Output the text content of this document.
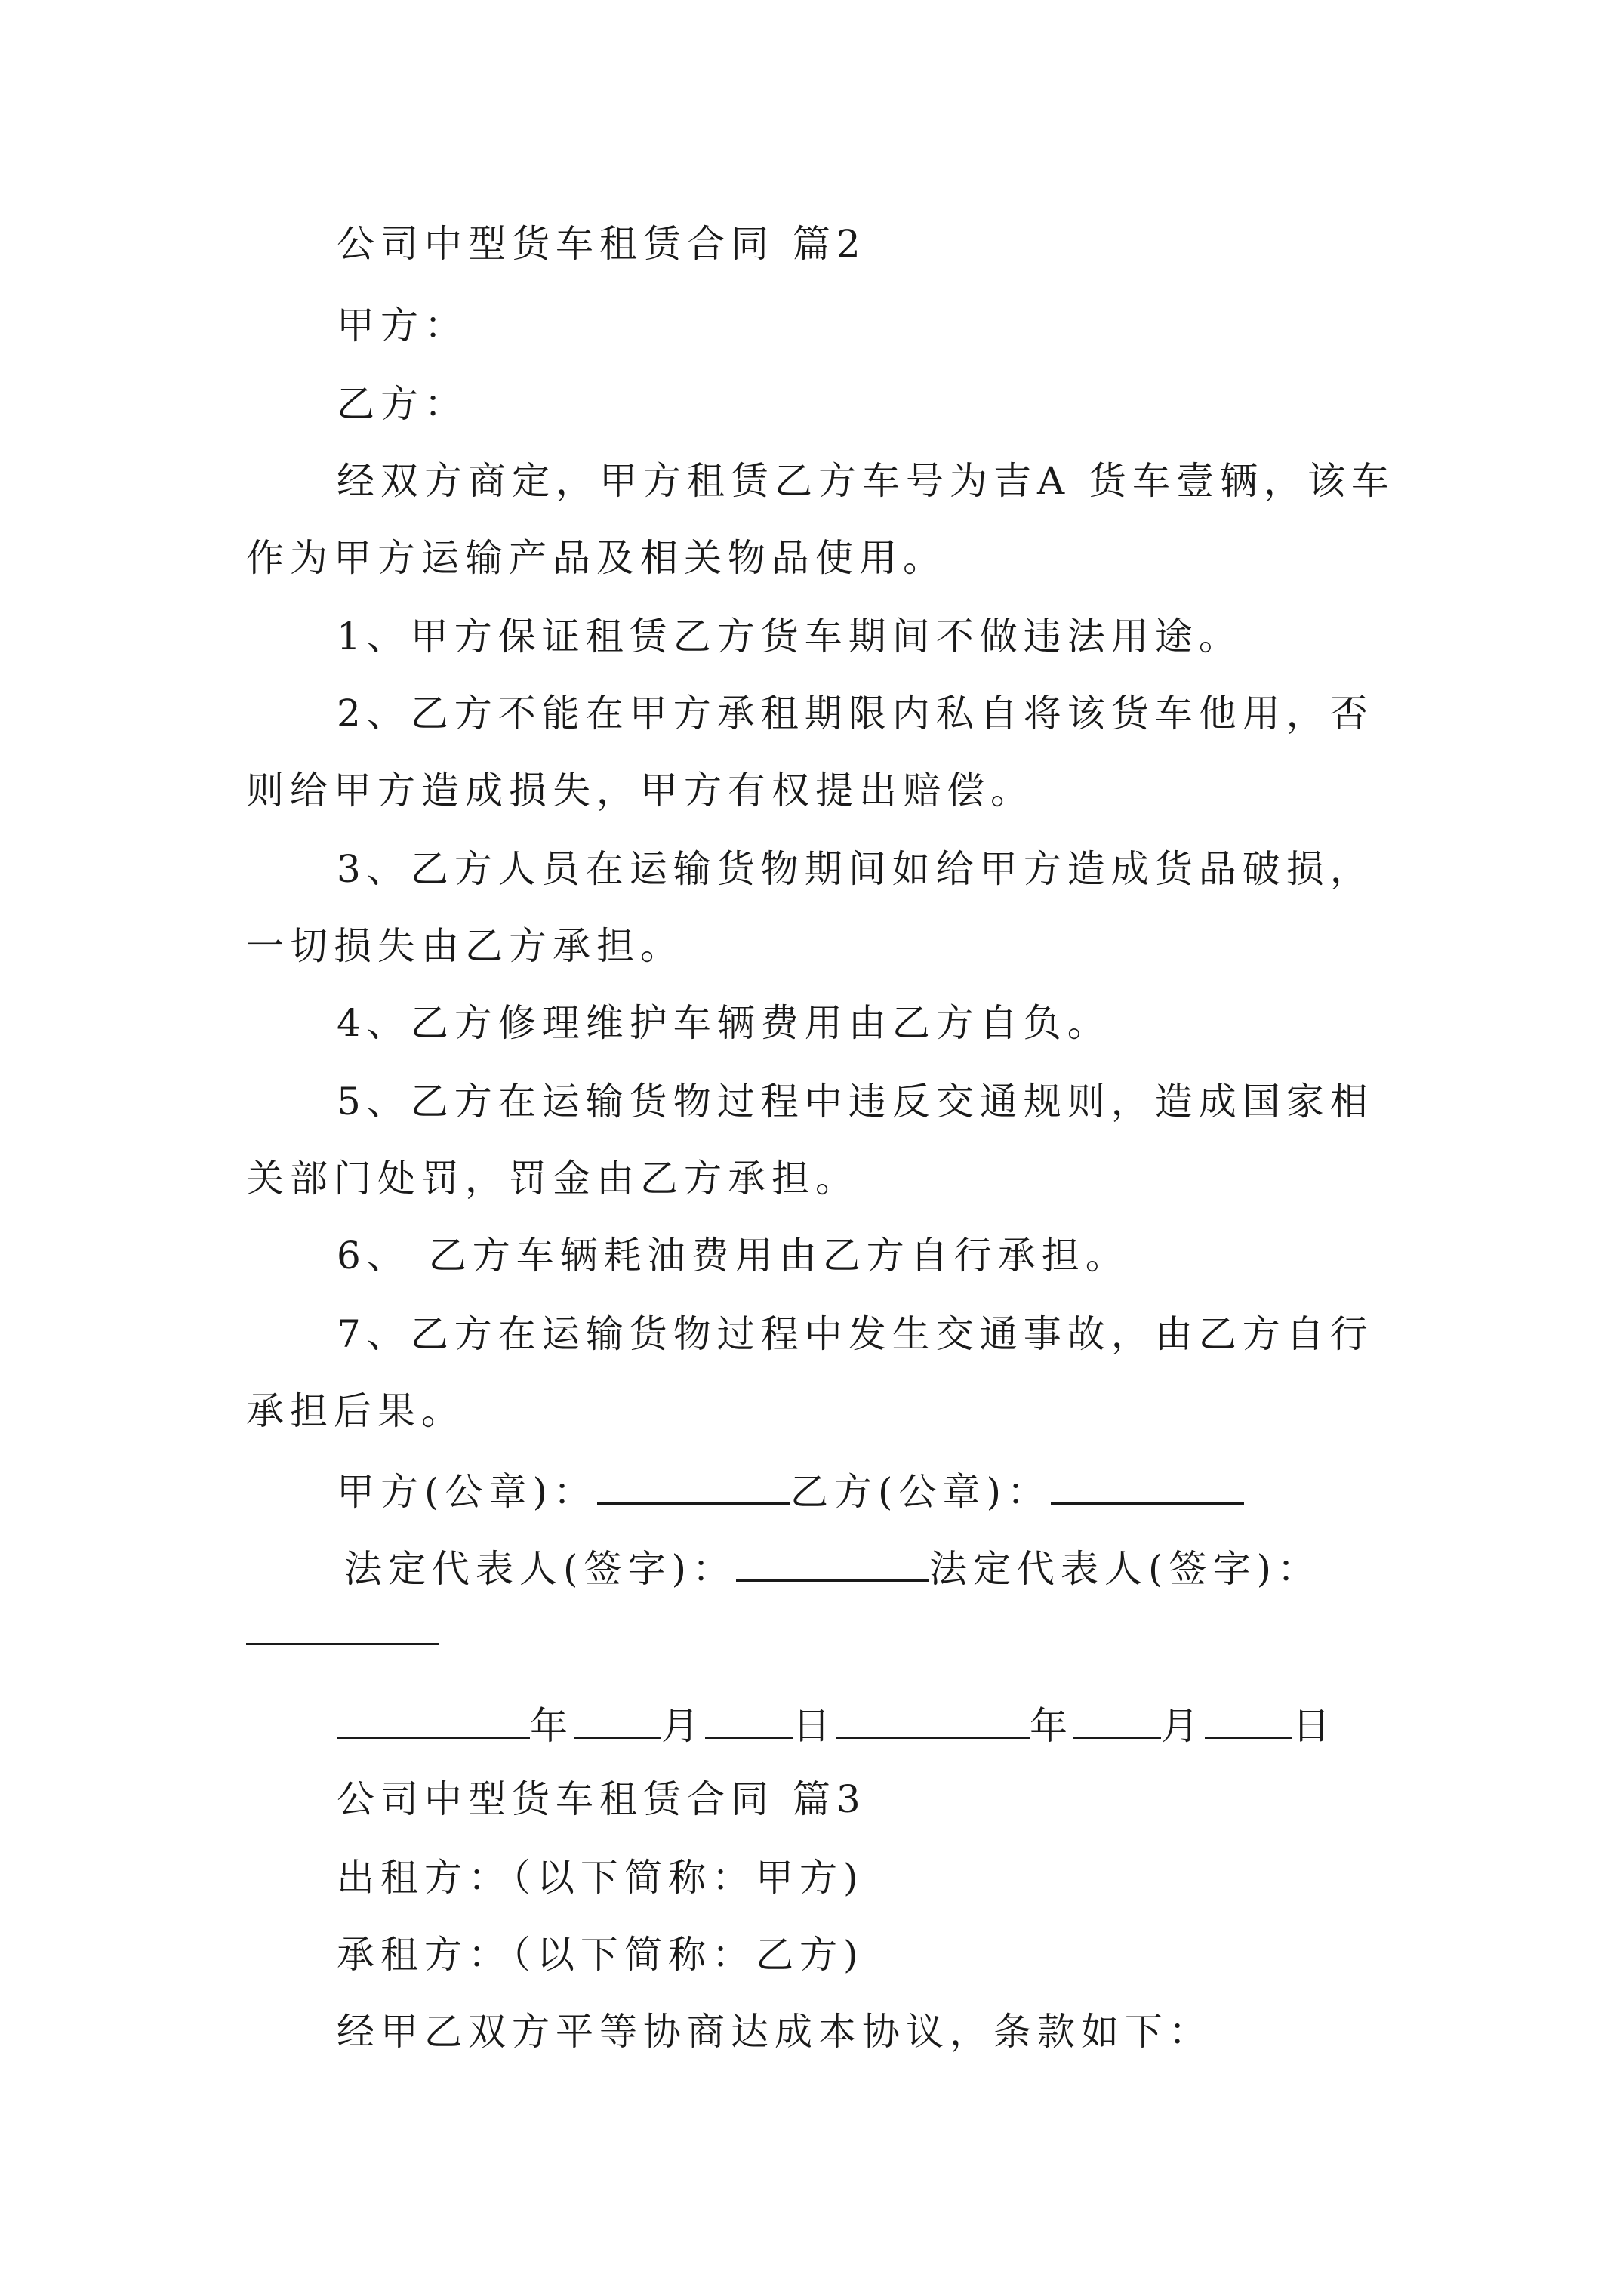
公司中型货车租赁合同 篇2
甲方：
乙方：
经双方商定，甲方租赁乙方车号为吉A 货车壹辆，该车
作为甲方运输产品及相关物品使用。
1、甲方保证租赁乙方货车期间不做违法用途。
2、乙方不能在甲方承租期限内私自将该货车他用，否
则给甲方造成损失，甲方有权提出赔偿。
3、乙方人员在运输货物期间如给甲方造成货品破损，
一切损失由乙方承担。
4、乙方修理维护车辆费用由乙方自负。
5、乙方在运输货物过程中违反交通规则，造成国家相
关部门处罚，罚金由乙方承担。
6、 乙方车辆耗油费用由乙方自行承担。
7、乙方在运输货物过程中发生交通事故，由乙方自行
承担后果。
甲方(公章)：	乙方(公章)：
法定代表人(签字)：	法定代表人(签字)：
年 月 日	年 月 日
公司中型货车租赁合同 篇3
出租方：（以下简称：甲方)
承租方：（以下简称：乙方)
经甲乙双方平等协商达成本协议，条款如下：
